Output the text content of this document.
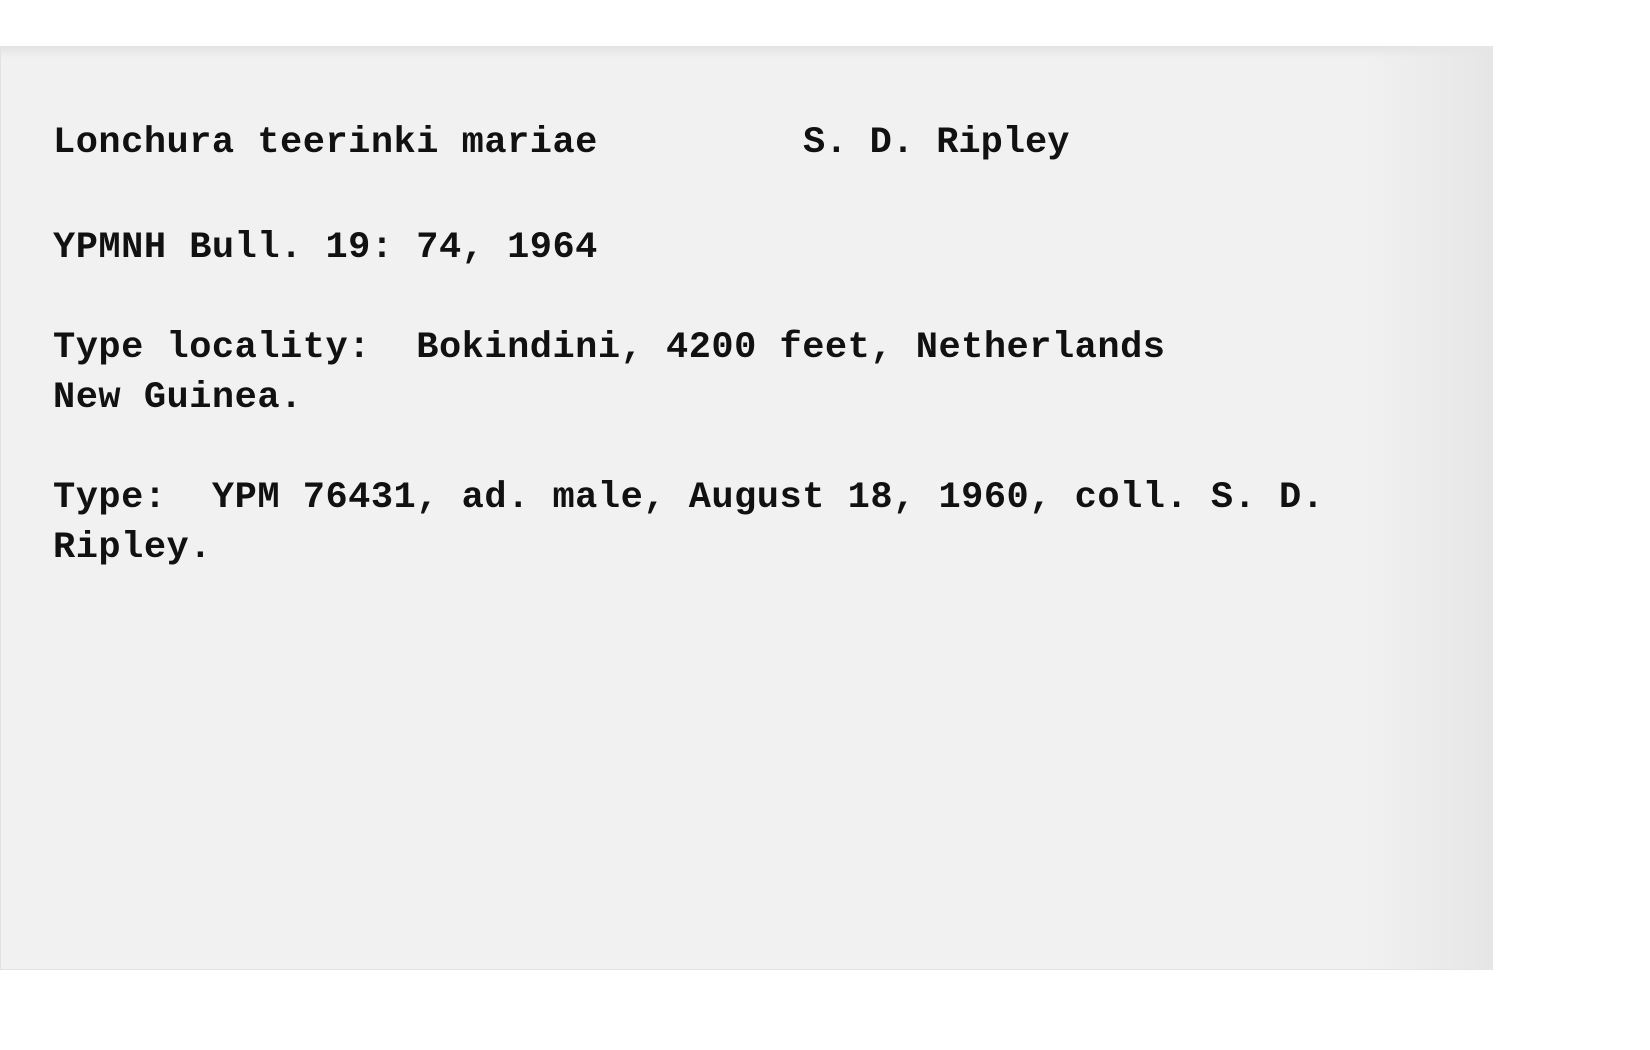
Lonchura teerinki mariae	S. D. Ripley
YPMNH Bull. 19: 74, 1964
Type locality:  Bokindini, 4200 feet, Netherlands
New Guinea.
Type:  YPM 76431, ad. male, August 18, 1960, coll. S. D.
Ripley.
